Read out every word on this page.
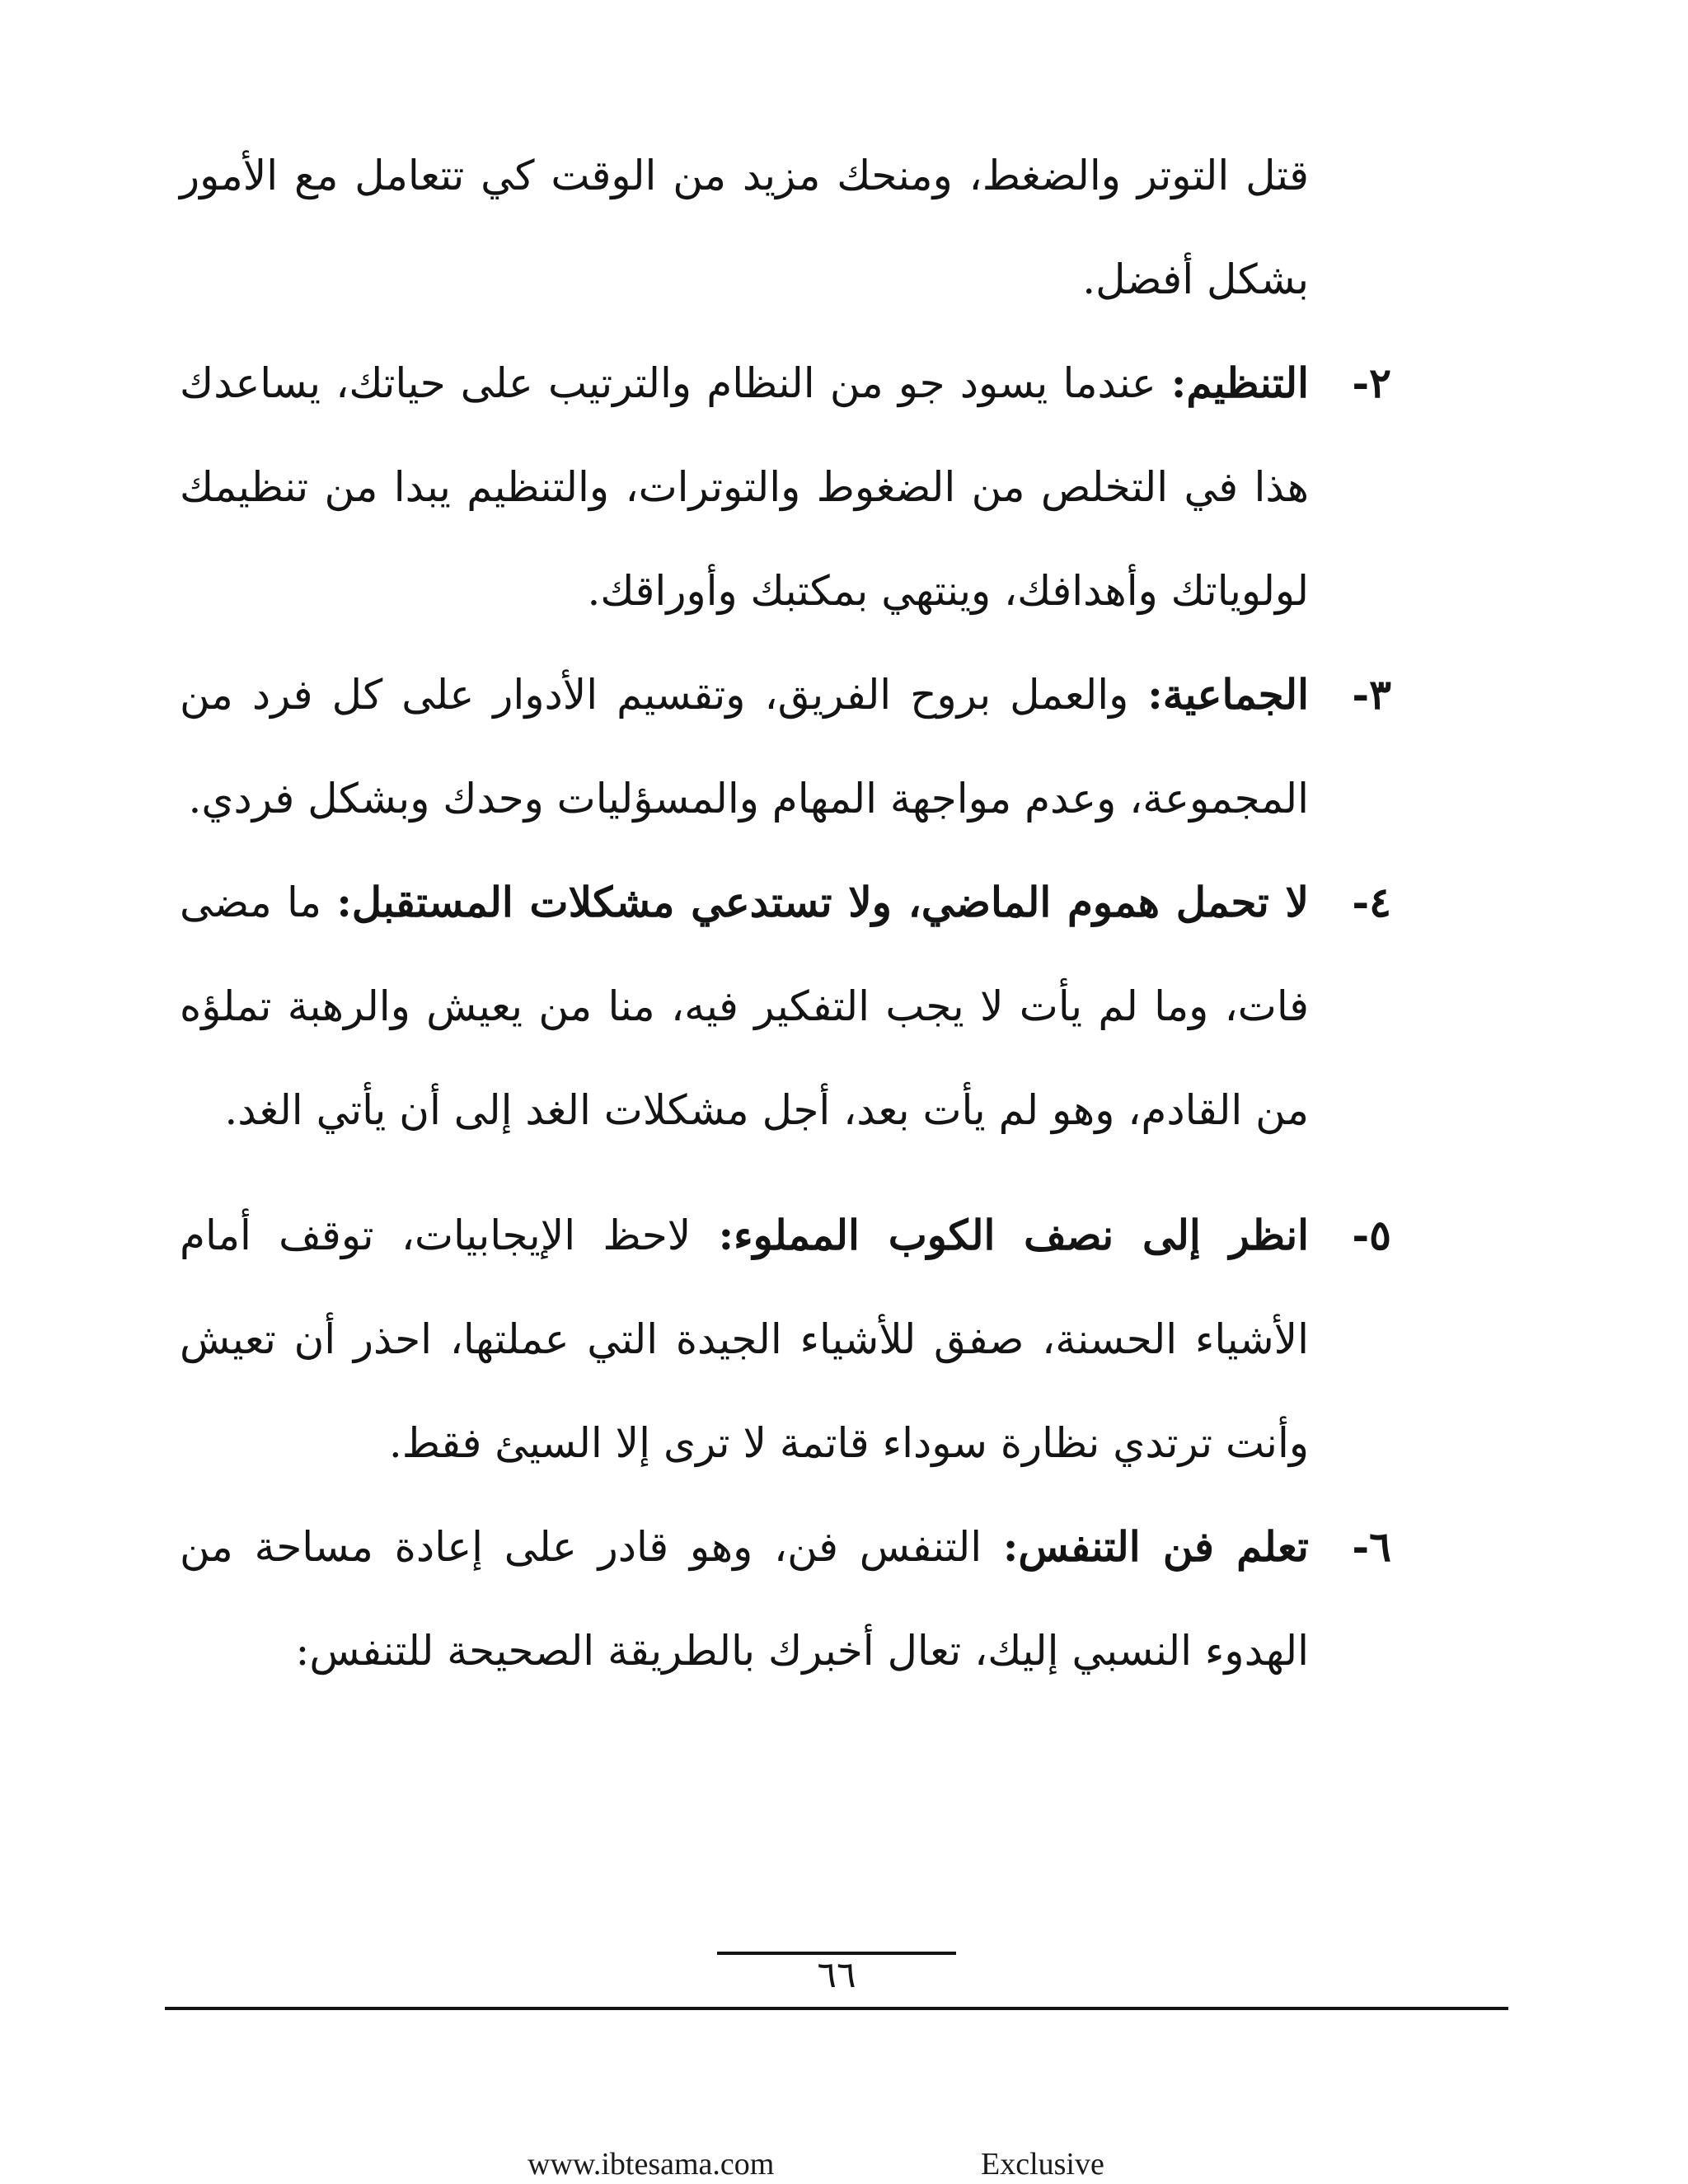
قتل التوتر والضغط، ومنحك مزيد من الوقت كي تتعامل مع الأمور بشكل أفضل.

٢-التنظيم: عندما يسود جو من النظام والترتيب على حياتك، يساعدك هذا في التخلص من الضغوط والتوترات، والتنظيم يبدا من تنظيمك لولوياتك وأهدافك، وينتهي بمكتبك وأوراقك.

٣-الجماعية: والعمل بروح الفريق، وتقسيم الأدوار على كل فرد من المجموعة، وعدم مواجهة المهام والمسؤليات وحدك وبشكل فردي.

٤-لا تحمل هموم الماضي، ولا تستدعي مشكلات المستقبل: ما مضى فات، وما لم يأت لا يجب التفكير فيه، منا من يعيش والرهبة تملؤه من القادم، وهو لم يأت بعد، أجل مشكلات الغد إلى أن يأتي الغد.

٥-انظر إلى نصف الكوب المملوء: لاحظ الإيجابيات، توقف أمام الأشياء الحسنة، صفق للأشياء الجيدة التي عملتها، احذر أن تعيش وأنت ترتدي نظارة سوداء قاتمة لا ترى إلا السيئ فقط.

٦-تعلم فن التنفس: التنفس فن، وهو قادر على إعادة مساحة من الهدوء النسبي إليك، تعال أخبرك بالطريقة الصحيحة للتنفس:

٦٦
www.ibtesama.com	Exclusive
